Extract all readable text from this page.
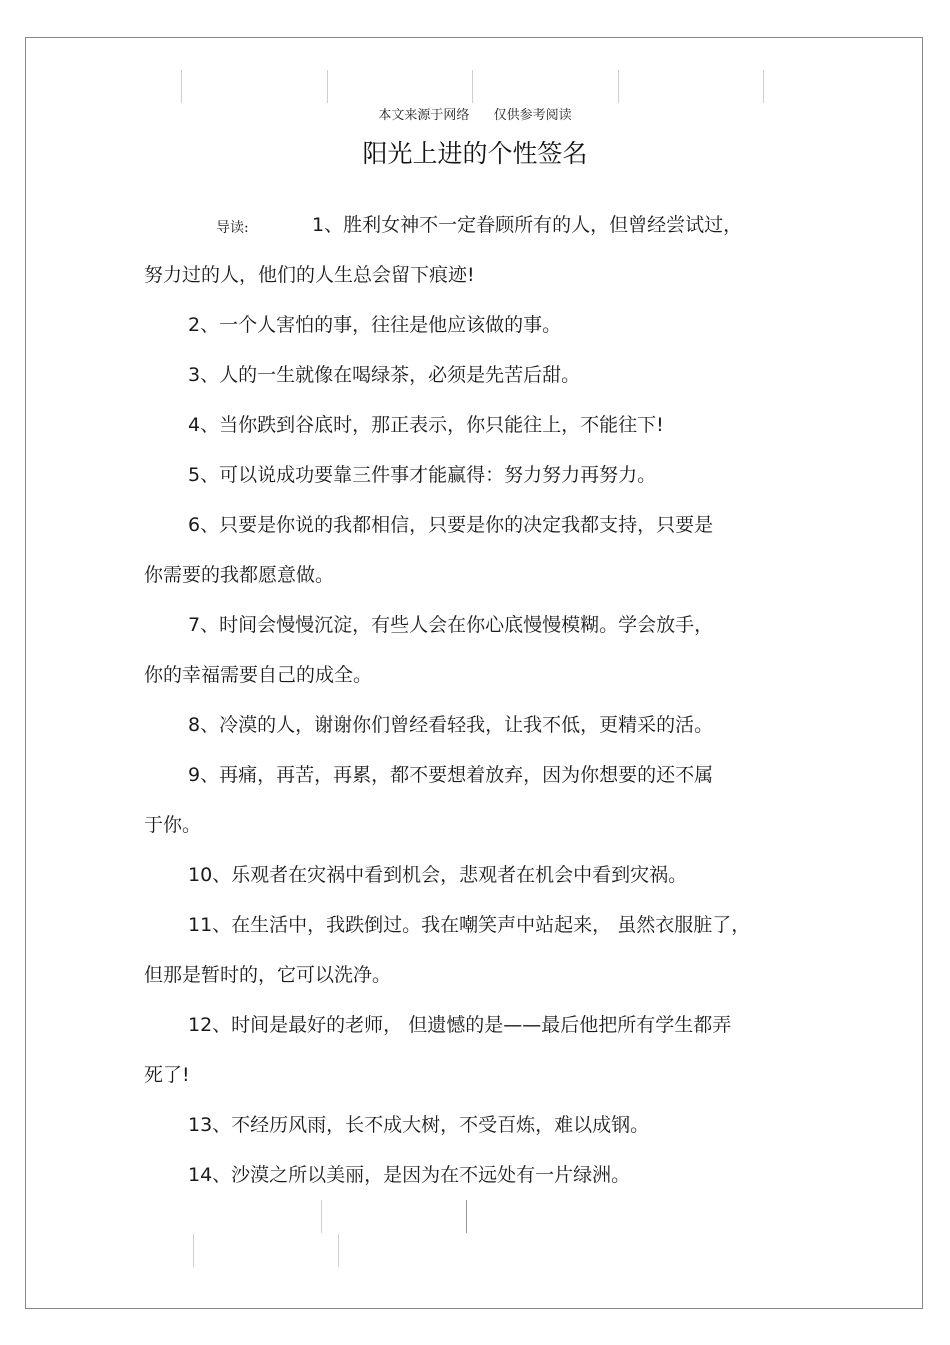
本文来源于网络 仅供参考阅读
阳光上进的个性签名
导读:	1、胜利女神不一定眷顾所有的人，但曾经尝试过，
努力过的人，他们的人生总会留下痕迹!
2、一个人害怕的事，往往是他应该做的事。
3、人的一生就像在喝绿茶，必须是先苦后甜。
4、当你跌到谷底时，那正表示，你只能往上，不能往下!
5、可以说成功要靠三件事才能赢得：努力努力再努力。
6、只要是你说的我都相信，只要是你的决定我都支持，只要是
你需要的我都愿意做。
7、时间会慢慢沉淀，有些人会在你心底慢慢模糊。学会放手，
你的幸福需要自己的成全。
8、冷漠的人，谢谢你们曾经看轻我，让我不低，更精采的活。
9、再痛，再苦，再累，都不要想着放弃，因为你想要的还不属
于你。
10、乐观者在灾祸中看到机会，悲观者在机会中看到灾祸。
11、在生活中，我跌倒过。我在嘲笑声中站起来， 虽然衣服脏了，
但那是暂时的，它可以洗净。
12、时间是最好的老师， 但遗憾的是——最后他把所有学生都弄
死了!
13、不经历风雨，长不成大树，不受百炼，难以成钢。
14、沙漠之所以美丽，是因为在不远处有一片绿洲。
